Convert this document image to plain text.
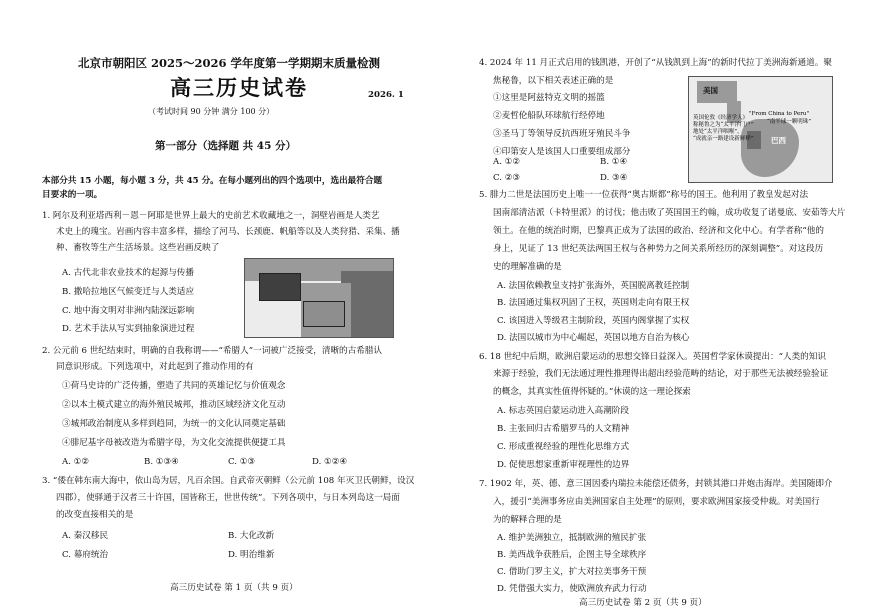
北京市朝阳区 2025～2026 学年度第一学期期末质量检测
高三历史试卷	2026. 1
（考试时间 90 分钟 满分 100 分）
第一部分（选择题 共 45 分）
本部分共 15 小题，每小题 3 分，共 45 分。在每小题列出的四个选项中，选出最符合题
目要求的一项。
1. 阿尔及利亚塔西利－恩－阿耶是世界上最大的史前艺术收藏地之一，洞壁岩画是人类艺
术史上的瑰宝。岩画内容丰富多样，描绘了河马、长颈鹿、帆船等以及人类狩猎、采集、播
种、畜牧等生产生活场景。这些岩画反映了
A. 古代北非农业技术的起源与传播
B. 撒哈拉地区气候变迁与人类适应
C. 地中海文明对非洲内陆深远影响
D. 艺术手法从写实到抽象演进过程
2. 公元前 6 世纪结束时，明确的自我称谓——“希腊人”一词被广泛接受，清晰的古希腊认
同意识形成。下列选项中，对此起到了推动作用的有
①荷马史诗的广泛传播，塑造了共同的英雄记忆与价值观念
②以本土模式建立的海外殖民城邦，推动区域经济文化互动
③城邦政治制度从多样到趋同，为统一的文化认同奠定基础
④腓尼基字母被改造为希腊字母，为文化交流提供便捷工具
A. ①②	B. ①③④	C. ①③	D. ①②④
3. “倭在韩东南大海中，依山岛为居，凡百余国。自武帝灭朝鲜（公元前 108 年灭卫氏朝鲜，设汉
四郡），使驿通于汉者三十许国，国皆称王，世世传统”。下列各项中，与日本列岛这一局面
的改变直接相关的是
A. 秦汉移民	B. 大化改新
C. 幕府统治	D. 明治维新
高三历史试卷 第 1 页（共 9 页）
4. 2024 年 11 月正式启用的钱凯港，开创了“从钱凯到上海”的新时代拉丁美洲海新通道。聚
焦秘鲁，以下相关表述正确的是
①这里是阿兹特克文明的摇篮
②麦哲伦船队环球航行经停地
③圣马丁等领导反抗西班牙殖民斗争
④印第安人是该国人口重要组成部分
A. ①②	B. ①④
C. ②③	D. ③④
美国
巴西
英国伦敦《经济学人》
"From China to Peru"
称秘鲁之为“太平洋门户” “南半球一颗明珠”
地处“太平洋咽喉”，
“成就亲一路建设新鲜样”
5. 腓力二世是法国历史上唯一一位获得“奥古斯都”称号的国王。他利用了教皇发起对法
国南部清洁派（卡特里派）的讨伐；他击败了英国国王约翰，成功收复了诺曼底、安茹等大片
领土。在他的统治时期，巴黎真正成为了法国的政治、经济和文化中心。有学者称“他的
身上，见证了 13 世纪英法两国王权与各种势力之间关系所经历的深刻调整”。对这段历
史的理解准确的是
A. 法国依赖教皇支持扩张海外，英国脱离教廷控制
B. 法国通过集权巩固了王权，英国则走向有限王权
C. 该国进入等级君主制阶段，英国内阁掌握了实权
D. 法国以城市为中心崛起，英国以地方自治为核心
6. 18 世纪中后期，欧洲启蒙运动的思想交锋日益深入。英国哲学家休谟提出：“人类的知识
来源于经验，我们无法通过理性推理得出超出经验范畴的结论，对于那些无法被经验验证
的概念，其真实性值得怀疑的。”休谟的这一理论探索
A. 标志英国启蒙运动进入高潮阶段
B. 主张回归古希腊罗马的人文精神
C. 形成重视经验的理性化思维方式
D. 促使思想家重新审视理性的边界
7. 1902 年，英、德、意三国因委内瑞拉未能偿还债务，封锁其港口并炮击海岸。美国随即介
入，援引“美洲事务应由美洲国家自主处理”的原则，要求欧洲国家接受仲裁。对美国行
为的解释合理的是
A. 维护美洲独立，抵制欧洲的殖民扩张
B. 美西战争获胜后，企图主导全球秩序
C. 借助门罗主义，扩大对拉美事务干预
D. 凭借强大实力，使欧洲放弃武力行动
高三历史试卷 第 2 页（共 9 页）
